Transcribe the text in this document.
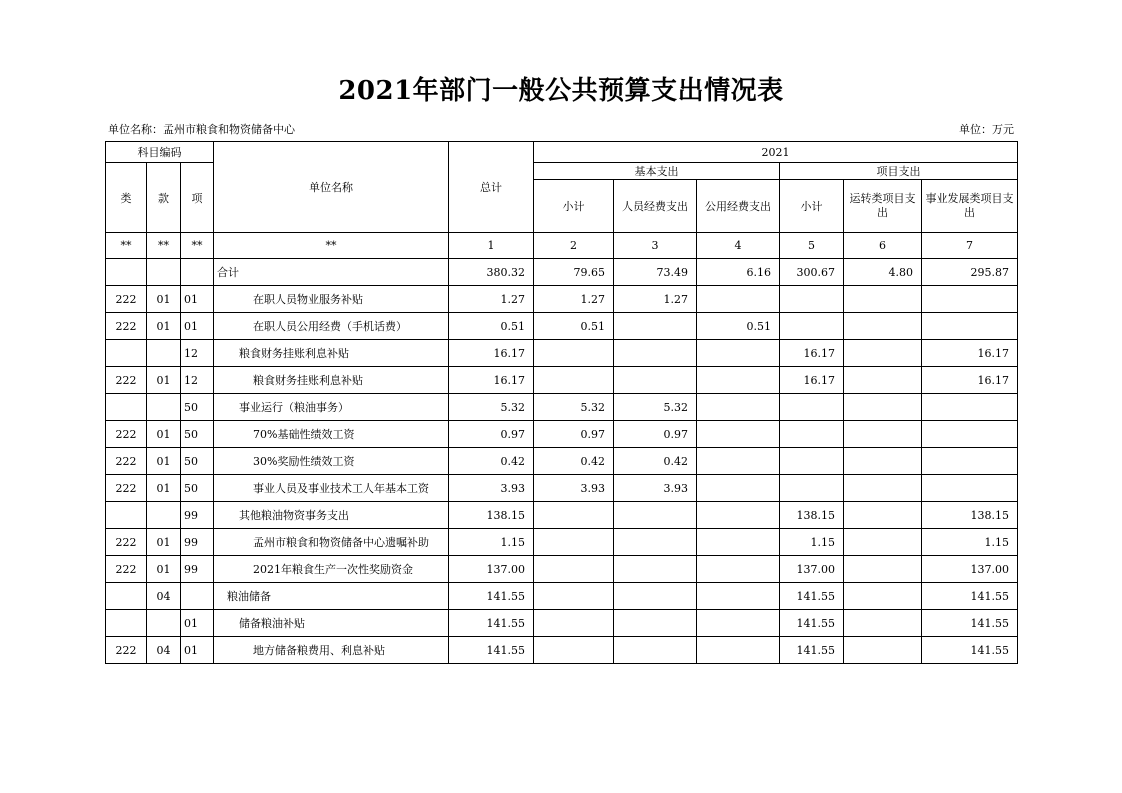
2021年部门一般公共预算支出情况表
单位名称：孟州市粮食和物资储备中心	单位：万元
科目编码			单位名称	总计	2021					
类	款	项			基本支出			项目支出		
					小计	人员经费支出	公用经费支出	小计	运转类项目支出	事业发展类项目支出
**	**	**	**	1	2	3	4	5	6	7
			合计	380.32	79.65	73.49	6.16	300.67	4.80	295.87
222	01	01	在职人员物业服务补贴	1.27	1.27	1.27				
222	01	01	在职人员公用经费（手机话费）	0.51	0.51		0.51			
		12	粮食财务挂账利息补贴	16.17				16.17		16.17
222	01	12	粮食财务挂账利息补贴	16.17				16.17		16.17
		50	事业运行（粮油事务）	5.32	5.32	5.32				
222	01	50	70%基础性绩效工资	0.97	0.97	0.97				
222	01	50	30%奖励性绩效工资	0.42	0.42	0.42				
222	01	50	事业人员及事业技术工人年基本工资	3.93	3.93	3.93				
		99	其他粮油物资事务支出	138.15				138.15		138.15
222	01	99	孟州市粮食和物资储备中心遗嘱补助	1.15				1.15		1.15
222	01	99	2021年粮食生产一次性奖励资金	137.00				137.00		137.00
	04		粮油储备	141.55				141.55		141.55
		01	储备粮油补贴	141.55				141.55		141.55
222	04	01	地方储备粮费用、利息补贴	141.55				141.55		141.55
